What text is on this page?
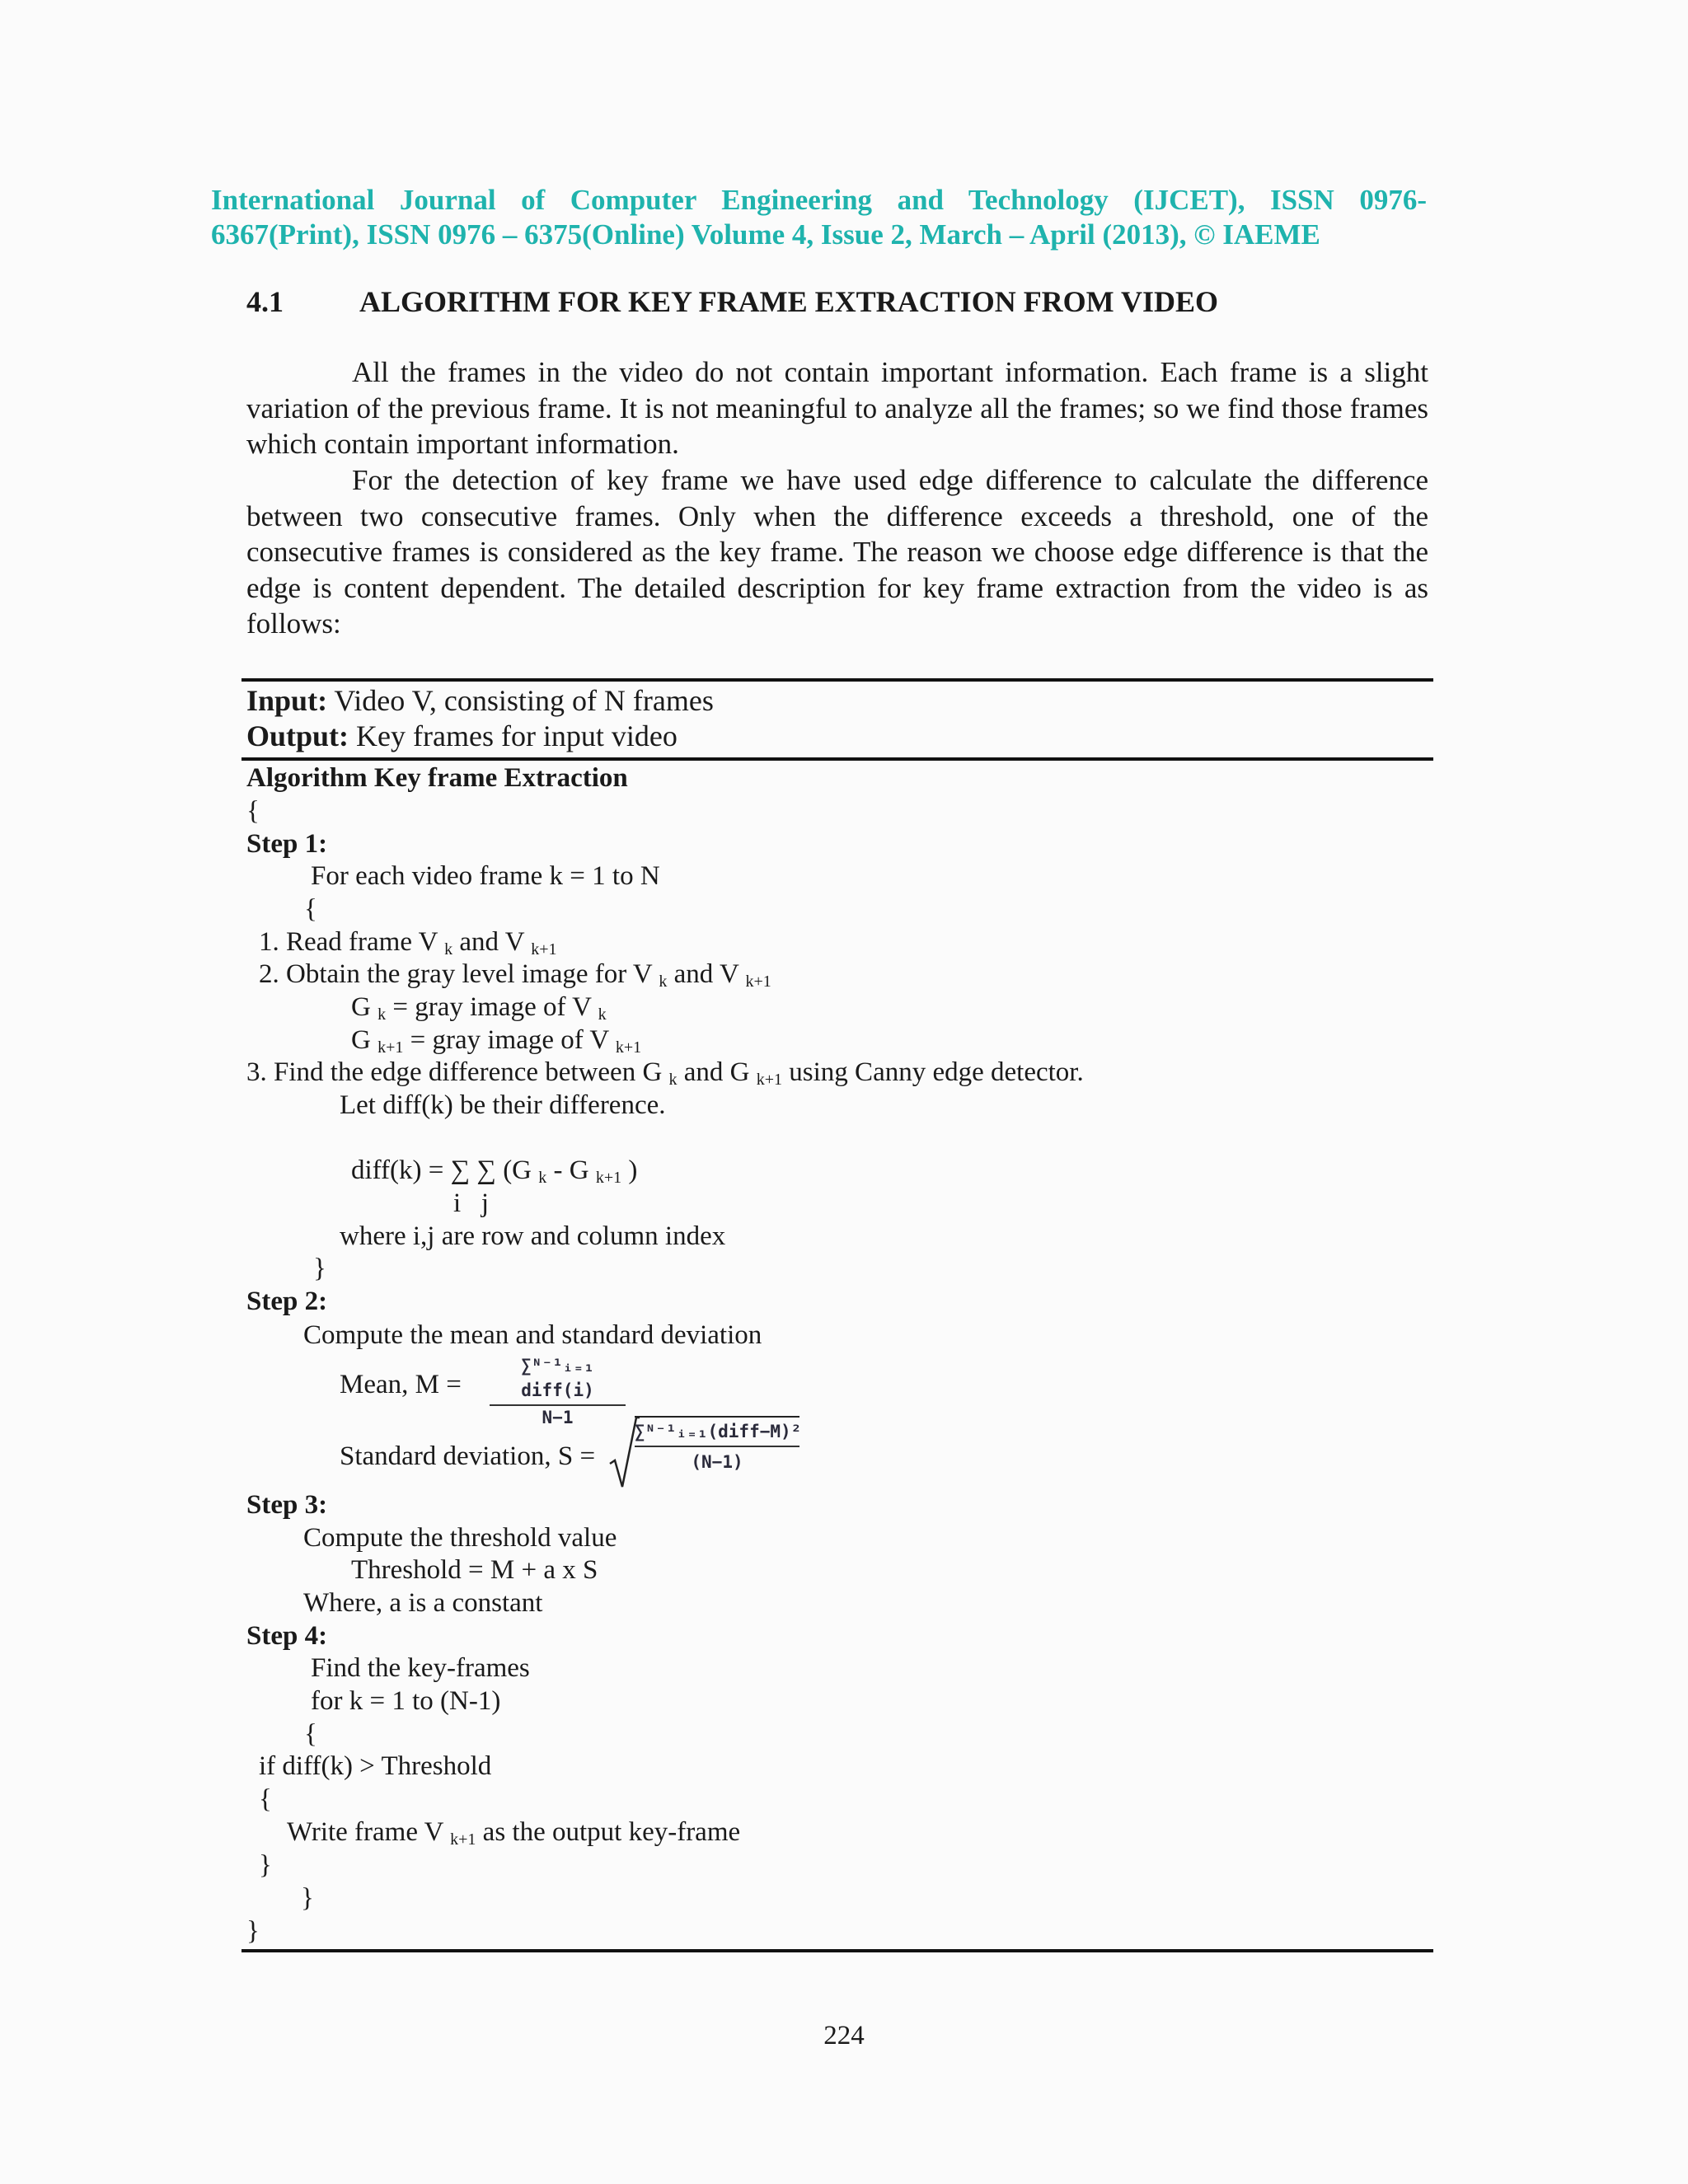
International Journal of Computer Engineering and Technology (IJCET), ISSN 0976-
6367(Print), ISSN 0976 – 6375(Online) Volume 4, Issue 2, March – April (2013), © IAEME
4.1	ALGORITHM FOR KEY FRAME EXTRACTION FROM VIDEO
All the frames in the video do not contain important information. Each frame is a slight variation of the previous frame. It is not meaningful to analyze all the frames; so we find those frames which contain important information.
For the detection of key frame we have used edge difference to calculate the difference between two consecutive frames. Only when the difference exceeds a threshold, one of the consecutive frames is considered as the key frame. The reason we choose edge difference is that the edge is content dependent. The detailed description for key frame extraction from the video is as follows:
Input: Video V, consisting of N frames
Output: Key frames for input video
Algorithm Key frame Extraction
{
Step 1:
For each video frame k = 1 to N
{
1. Read frame V $_k$ and V $_{k+1}$
2. Obtain the gray level image for V $_k$ and V $_{k+1}$
G $_k$ = gray image of V $_k$
G $_{k+1}$ = gray image of V $_{k+1}$
3. Find the edge difference between G $_k$ and G $_{k+1}$ using Canny edge detector.
Let diff(k) be their difference.
diff(k) = ∑ ∑ (G $_k$ - G $_{k+1}$ )
i   j
where i,j are row and column index
}
Step 2:
Compute the mean and standard deviation
Mean, M =
∑ᴺ⁻¹ᵢ₌₁ diff(i)
N−1
Standard deviation, S =
∑ᴺ⁻¹ᵢ₌₁(diff−M)²
(N−1)
Step 3:
Compute the threshold value
Threshold = M + a x S
Where, a is a constant
Step 4:
Find the key-frames
for k = 1 to (N-1)
{
if diff(k) > Threshold
{
Write frame V $_{k+1}$ as the output key-frame
}
}
}
224
